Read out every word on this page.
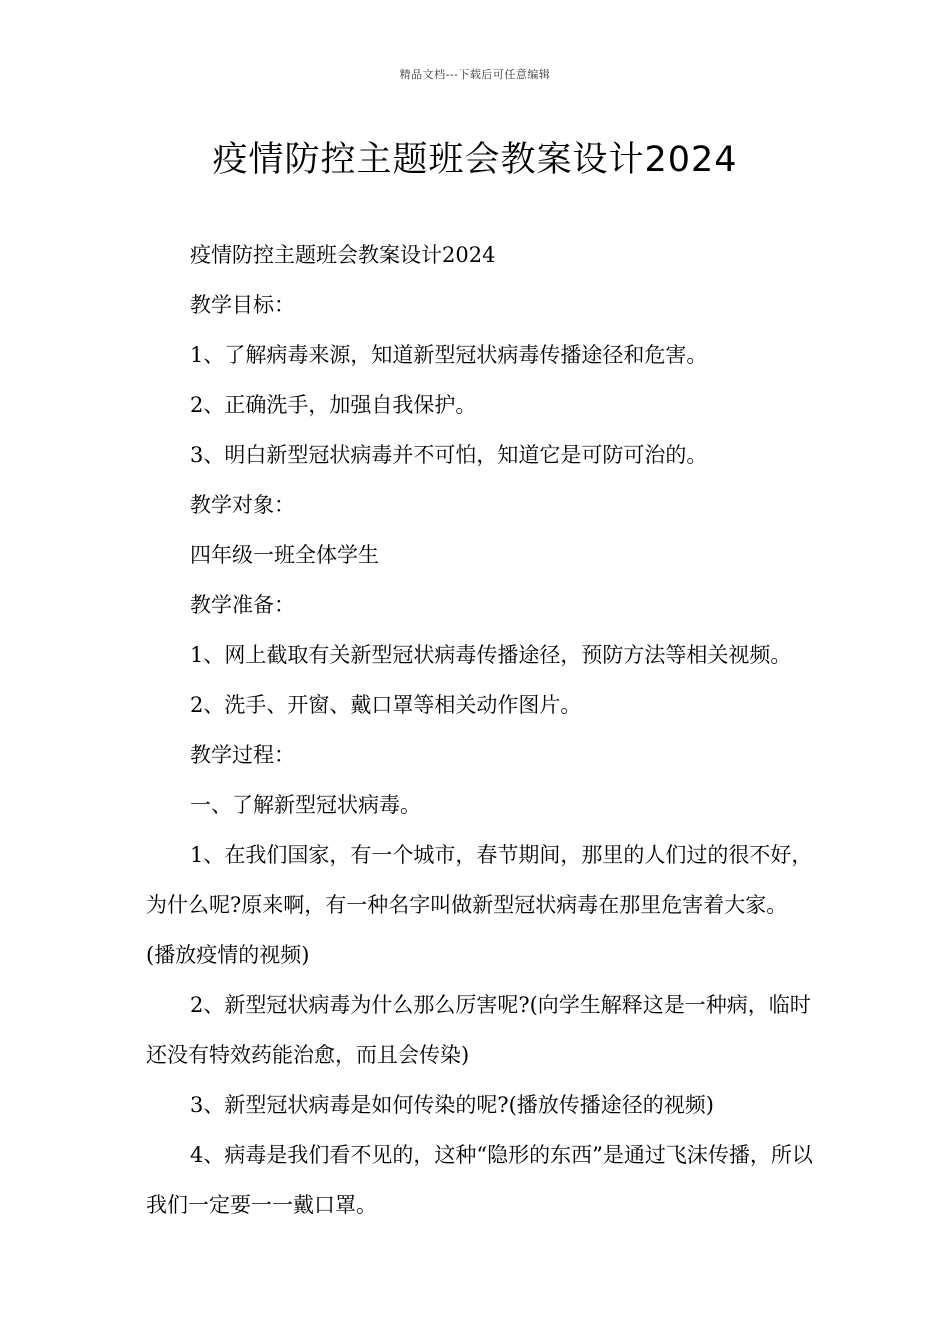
精品文档---下载后可任意编辑
疫情防控主题班会教案设计2024

疫情防控主题班会教案设计2024

教学目标：

1、了解病毒来源，知道新型冠状病毒传播途径和危害。

2、正确洗手，加强自我保护。

3、明白新型冠状病毒并不可怕，知道它是可防可治的。

教学对象：

四年级一班全体学生

教学准备：

1、网上截取有关新型冠状病毒传播途径，预防方法等相关视频。

2、洗手、开窗、戴口罩等相关动作图片。

教学过程：

一、了解新型冠状病毒。

1、在我们国家，有一个城市，春节期间，那里的人们过的很不好，为什么呢?原来啊，有一种名字叫做新型冠状病毒在那里危害着大家。(播放疫情的视频)

2、新型冠状病毒为什么那么厉害呢?(向学生解释这是一种病，临时还没有特效药能治愈，而且会传染)

3、新型冠状病毒是如何传染的呢?(播放传播途径的视频)

4、病毒是我们看不见的，这种“隐形的东西”是通过飞沫传播，所以我们一定要一一戴口罩。
